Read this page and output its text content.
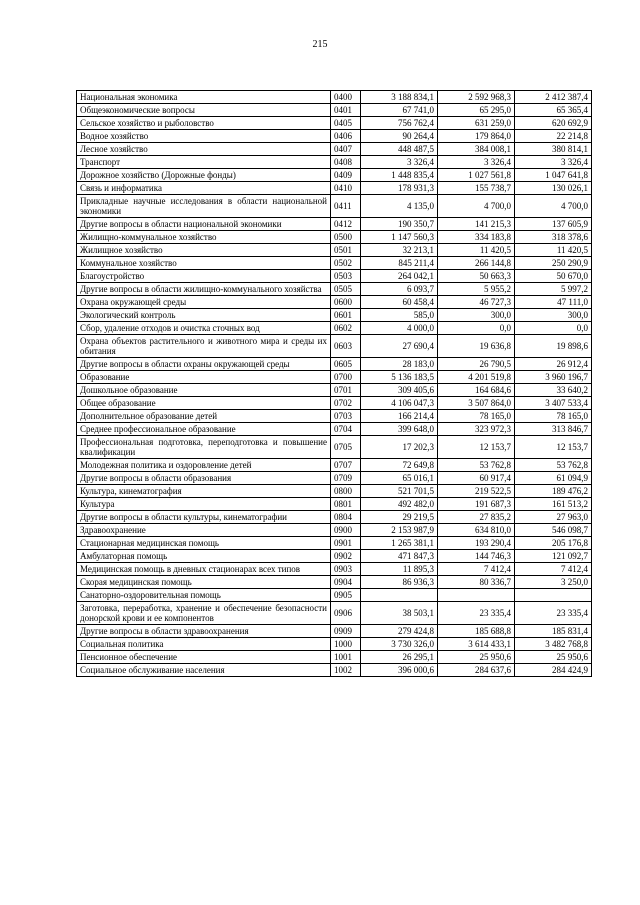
215
Национальная экономика	0400	3 188 834,1	2 592 968,3	2 412 387,4
Общеэкономические вопросы	0401	67 741,0	65 295,0	65 365,4
Сельское хозяйство и рыболовство	0405	756 762,4	631 259,0	620 692,9
Водное хозяйство	0406	90 264,4	179 864,0	22 214,8
Лесное хозяйство	0407	448 487,5	384 008,1	380 814,1
Транспорт	0408	3 326,4	3 326,4	3 326,4
Дорожное хозяйство (Дорожные фонды)	0409	1 448 835,4	1 027 561,8	1 047 641,8
Связь и информатика	0410	178 931,3	155 738,7	130 026,1
Прикладные научные исследования в области национальной экономики	0411	4 135,0	4 700,0	4 700,0
Другие вопросы в области национальной экономики	0412	190 350,7	141 215,3	137 605,9
Жилищно-коммунальное хозяйство	0500	1 147 560,3	334 183,8	318 378,6
Жилищное хозяйство	0501	32 213,1	11 420,5	11 420,5
Коммунальное хозяйство	0502	845 211,4	266 144,8	250 290,9
Благоустройство	0503	264 042,1	50 663,3	50 670,0
Другие вопросы в области жилищно-коммунального хозяйства	0505	6 093,7	5 955,2	5 997,2
Охрана окружающей среды	0600	60 458,4	46 727,3	47 111,0
Экологический контроль	0601	585,0	300,0	300,0
Сбор, удаление отходов и очистка сточных вод	0602	4 000,0	0,0	0,0
Охрана объектов растительного и животного мира и среды их обитания	0603	27 690,4	19 636,8	19 898,6
Другие вопросы в области охраны окружающей среды	0605	28 183,0	26 790,5	26 912,4
Образование	0700	5 136 183,5	4 201 519,8	3 960 196,7
Дошкольное образование	0701	309 405,6	164 684,6	33 640,2
Общее образование	0702	4 106 047,3	3 507 864,0	3 407 533,4
Дополнительное образование детей	0703	166 214,4	78 165,0	78 165,0
Среднее профессиональное образование	0704	399 648,0	323 972,3	313 846,7
Профессиональная подготовка, переподготовка и повышение квалификации	0705	17 202,3	12 153,7	12 153,7
Молодежная политика и оздоровление детей	0707	72 649,8	53 762,8	53 762,8
Другие вопросы в области образования	0709	65 016,1	60 917,4	61 094,9
Культура, кинематография	0800	521 701,5	219 522,5	189 476,2
Культура	0801	492 482,0	191 687,3	161 513,2
Другие вопросы в области культуры, кинематографии	0804	29 219,5	27 835,2	27 963,0
Здравоохранение	0900	2 153 987,9	634 810,0	546 098,7
Стационарная медицинская помощь	0901	1 265 381,1	193 290,4	205 176,8
Амбулаторная помощь	0902	471 847,3	144 746,3	121 092,7
Медицинская помощь в дневных стационарах всех типов	0903	11 895,3	7 412,4	7 412,4
Скорая медицинская помощь	0904	86 936,3	80 336,7	3 250,0
Санаторно-оздоровительная помощь	0905			
Заготовка, переработка, хранение и обеспечение безопасности донорской крови и ее компонентов	0906	38 503,1	23 335,4	23 335,4
Другие вопросы в области здравоохранения	0909	279 424,8	185 688,8	185 831,4
Социальная политика	1000	3 730 326,0	3 614 433,1	3 482 768,8
Пенсионное обеспечение	1001	26 295,1	25 950,6	25 950,6
Социальное обслуживание населения	1002	396 000,6	284 637,6	284 424,9
